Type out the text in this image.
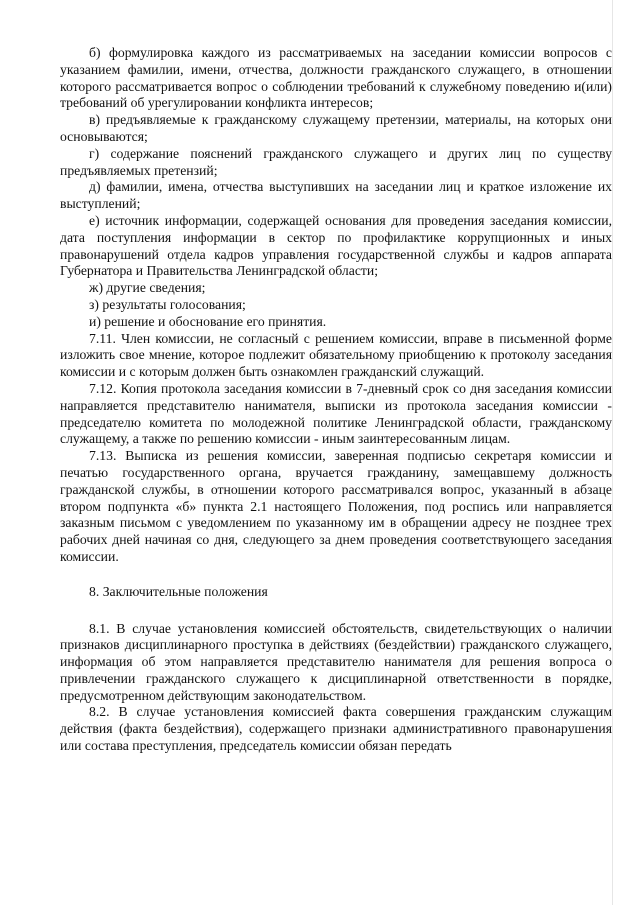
б) формулировка каждого из рассматриваемых на заседании комиссии вопросов с указанием фамилии, имени, отчества, должности гражданского служащего, в отношении которого рассматривается вопрос о соблюдении требований к служебному поведению и(или) требований об урегулировании конфликта интересов;

в) предъявляемые к гражданскому служащему претензии, материалы, на которых они основываются;

г) содержание пояснений гражданского служащего и других лиц по существу предъявляемых претензий;

д) фамилии, имена, отчества выступивших на заседании лиц и краткое изложение их выступлений;

е) источник информации, содержащей основания для проведения заседания комиссии, дата поступления информации в сектор по профилактике коррупционных и иных правонарушений отдела кадров управления государственной службы и кадров аппарата Губернатора и Правительства Ленинградской области;

ж) другие сведения;

з) результаты голосования;

и) решение и обоснование его принятия.

7.11. Член комиссии, не согласный с решением комиссии, вправе в письменной форме изложить свое мнение, которое подлежит обязательному приобщению к протоколу заседания комиссии и с которым должен быть ознакомлен гражданский служащий.

7.12. Копия протокола заседания комиссии в 7-дневный срок со дня заседания комиссии направляется представителю нанимателя, выписки из протокола заседания комиссии - председателю комитета по молодежной политике Ленинградской области, гражданскому служащему, а также по решению комиссии - иным заинтересованным лицам.

7.13. Выписка из решения комиссии, заверенная подписью секретаря комиссии и печатью государственного органа, вручается гражданину, замещавшему должность гражданской службы, в отношении которого рассматривался вопрос, указанный в абзаце втором подпункта «б» пункта 2.1 настоящего Положения, под роспись или направляется заказным письмом с уведомлением по указанному им в обращении адресу не позднее трех рабочих дней начиная со дня, следующего за днем проведения соответствующего заседания комиссии.

8. Заключительные положения

8.1. В случае установления комиссией обстоятельств, свидетельствующих о наличии признаков дисциплинарного проступка в действиях (бездействии) гражданского служащего, информация об этом направляется представителю нанимателя для решения вопроса о привлечении гражданского служащего к дисциплинарной ответственности в порядке, предусмотренном действующим законодательством.

8.2. В случае установления комиссией факта совершения гражданским служащим действия (факта бездействия), содержащего признаки административного правонарушения или состава преступления, председатель комиссии обязан передать
